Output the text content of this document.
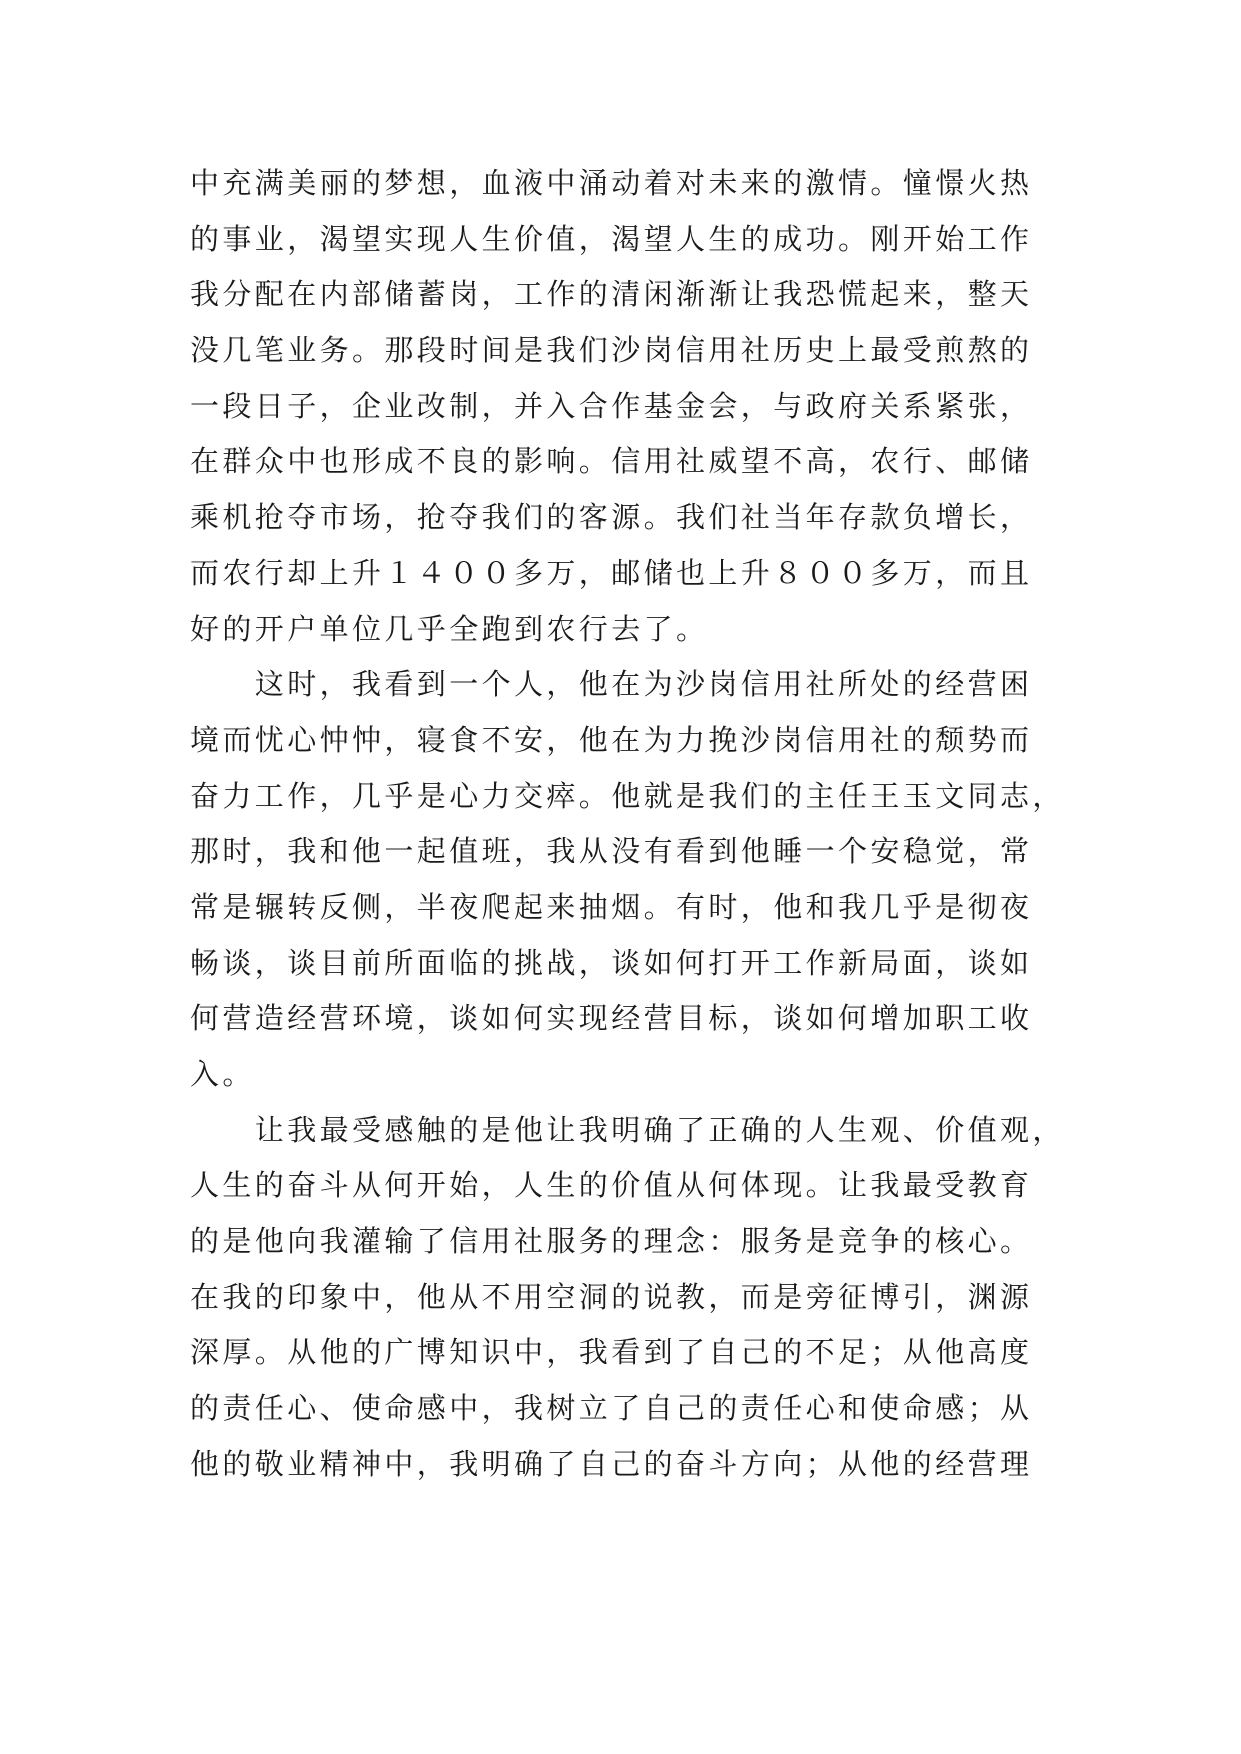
中充满美丽的梦想，血液中涌动着对未来的激情。憧憬火热
的事业，渴望实现人生价值，渴望人生的成功。刚开始工作
我分配在内部储蓄岗，工作的清闲渐渐让我恐慌起来，整天
没几笔业务。那段时间是我们沙岗信用社历史上最受煎熬的
一段日子，企业改制，并入合作基金会，与政府关系紧张，
在群众中也形成不良的影响。信用社威望不高，农行、邮储
乘机抢夺市场，抢夺我们的客源。我们社当年存款负增长，
而农行却上升１４００多万，邮储也上升８００多万，而且
好的开户单位几乎全跑到农行去了。
　　这时，我看到一个人，他在为沙岗信用社所处的经营困
境而忧心忡忡，寝食不安，他在为力挽沙岗信用社的颓势而
奋力工作，几乎是心力交瘁。他就是我们的主任王玉文同志，
那时，我和他一起值班，我从没有看到他睡一个安稳觉，常
常是辗转反侧，半夜爬起来抽烟。有时，他和我几乎是彻夜
畅谈，谈目前所面临的挑战，谈如何打开工作新局面，谈如
何营造经营环境，谈如何实现经营目标，谈如何增加职工收
入。
　　让我最受感触的是他让我明确了正确的人生观、价值观，
人生的奋斗从何开始，人生的价值从何体现。让我最受教育
的是他向我灌输了信用社服务的理念：服务是竞争的核心。
在我的印象中，他从不用空洞的说教，而是旁征博引，渊源
深厚。从他的广博知识中，我看到了自己的不足；从他高度
的责任心、使命感中，我树立了自己的责任心和使命感；从
他的敬业精神中，我明确了自己的奋斗方向；从他的经营理
